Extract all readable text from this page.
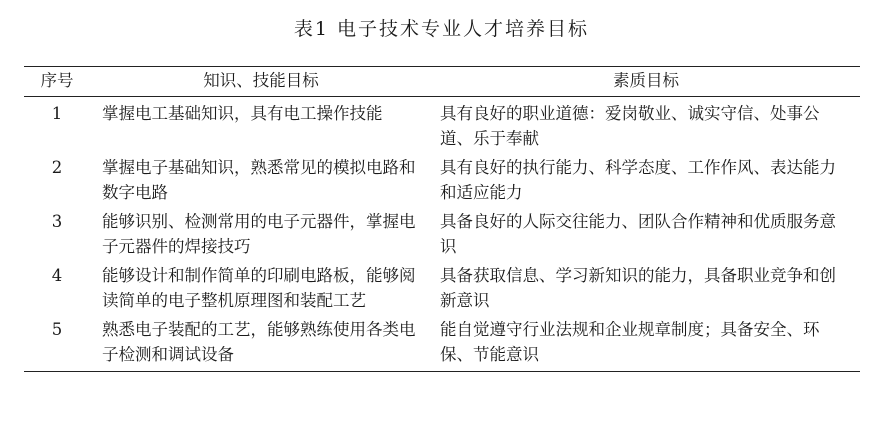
表1 电子技术专业人才培养目标
序号	知识、技能目标	素质目标
1	掌握电工基础知识，具有电工操作技能	具有良好的职业道德：爱岗敬业、诚实守信、处事公道、乐于奉献
2	掌握电子基础知识，熟悉常见的模拟电路和数字电路	具有良好的执行能力、科学态度、工作作风、表达能力和适应能力
3	能够识别、检测常用的电子元器件，掌握电子元器件的焊接技巧	具备良好的人际交往能力、团队合作精神和优质服务意识
4	能够设计和制作简单的印刷电路板，能够阅读简单的电子整机原理图和装配工艺	具备获取信息、学习新知识的能力，具备职业竞争和创新意识
5	熟悉电子装配的工艺，能够熟练使用各类电子检测和调试设备	能自觉遵守行业法规和企业规章制度；具备安全、环保、节能意识
